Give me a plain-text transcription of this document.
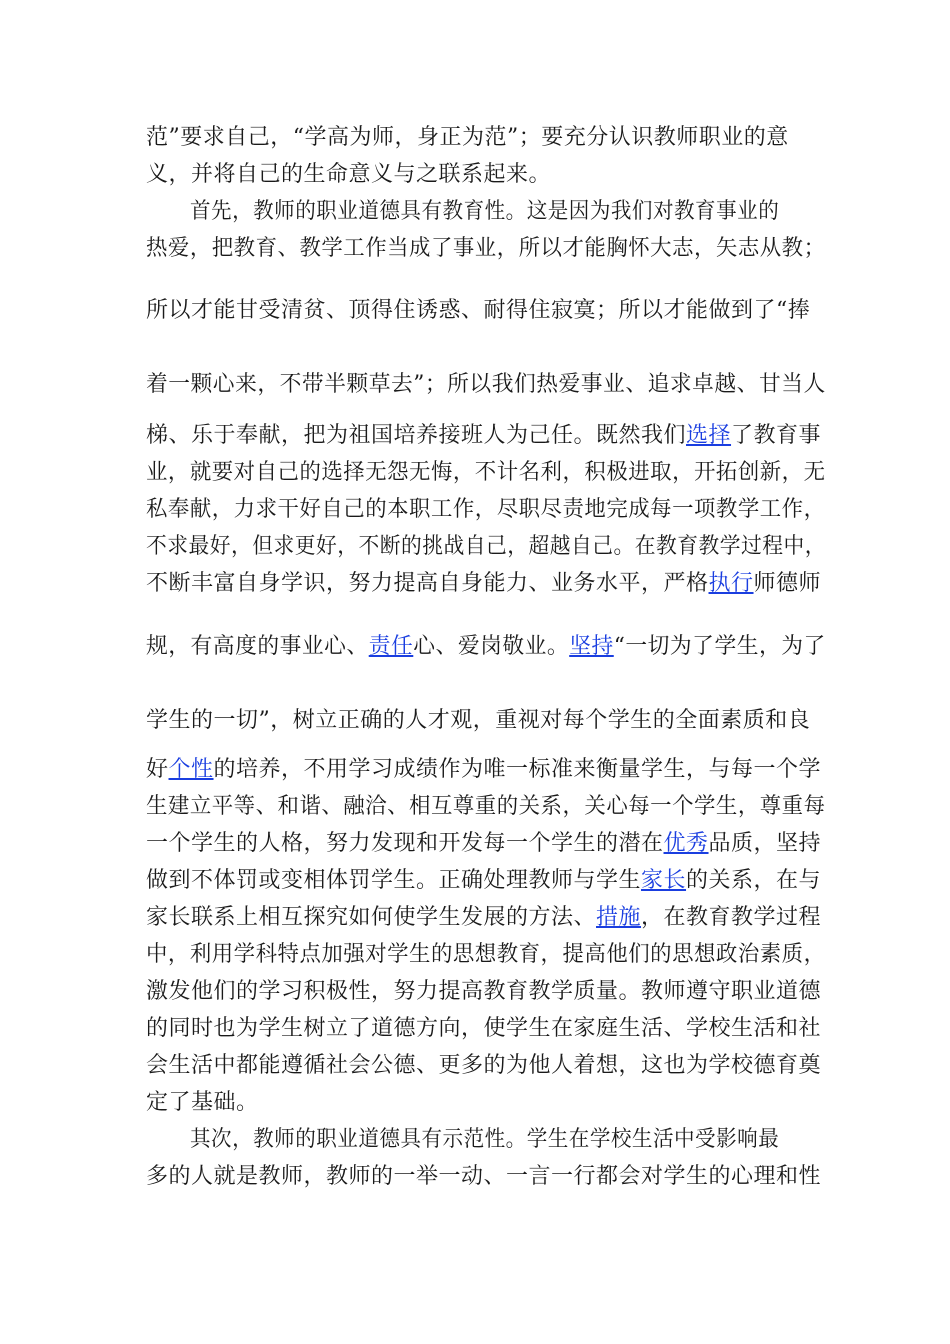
范”要求自己，“学高为师，身正为范”；要充分认识教师职业的意
义，并将自己的生命意义与之联系起来。
首先，教师的职业道德具有教育性。这是因为我们对教育事业的
热爱，把教育、教学工作当成了事业，所以才能胸怀大志，矢志从教；
所以才能甘受清贫、顶得住诱惑、耐得住寂寞；所以才能做到了“捧
着一颗心来，不带半颗草去”；所以我们热爱事业、追求卓越、甘当人
梯、乐于奉献，把为祖国培养接班人为己任。既然我们选择了教育事
业，就要对自己的选择无怨无悔，不计名利，积极进取，开拓创新，无
私奉献，力求干好自己的本职工作，尽职尽责地完成每一项教学工作，
不求最好，但求更好，不断的挑战自己，超越自己。在教育教学过程中，
不断丰富自身学识，努力提高自身能力、业务水平，严格执行师德师
规，有高度的事业心、责任心、爱岗敬业。坚持“一切为了学生，为了
学生的一切”，树立正确的人才观，重视对每个学生的全面素质和良
好个性的培养，不用学习成绩作为唯一标准来衡量学生，与每一个学
生建立平等、和谐、融洽、相互尊重的关系，关心每一个学生，尊重每
一个学生的人格，努力发现和开发每一个学生的潜在优秀品质，坚持
做到不体罚或变相体罚学生。正确处理教师与学生家长的关系，在与
家长联系上相互探究如何使学生发展的方法、措施，在教育教学过程
中，利用学科特点加强对学生的思想教育，提高他们的思想政治素质，
激发他们的学习积极性，努力提高教育教学质量。教师遵守职业道德
的同时也为学生树立了道德方向，使学生在家庭生活、学校生活和社
会生活中都能遵循社会公德、更多的为他人着想，这也为学校德育奠
定了基础。
其次，教师的职业道德具有示范性。学生在学校生活中受影响最
多的人就是教师，教师的一举一动、一言一行都会对学生的心理和性
